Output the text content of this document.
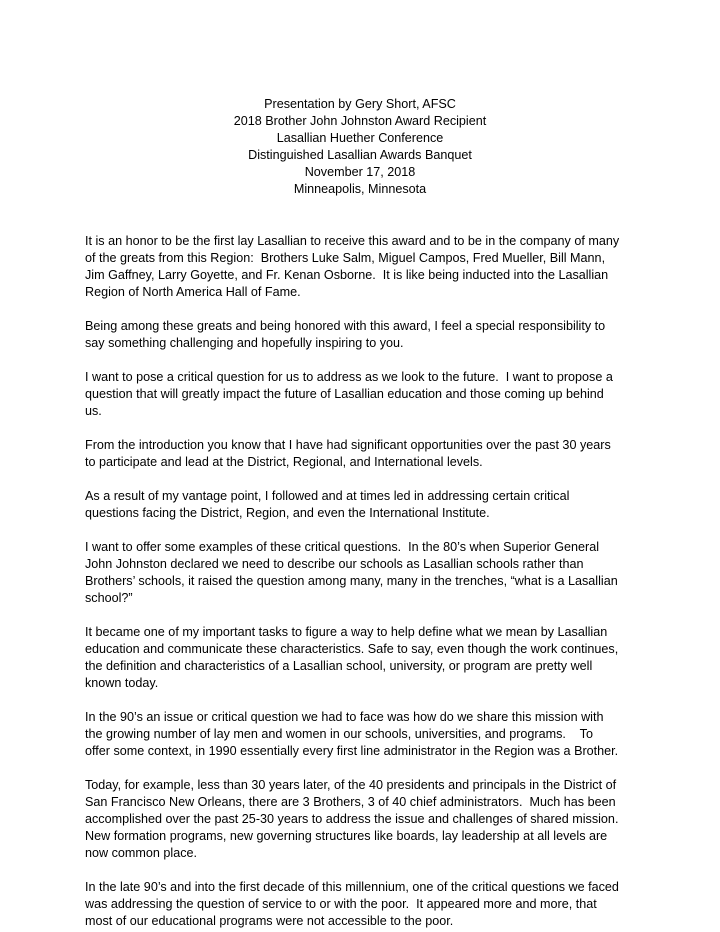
Presentation by Gery Short, AFSC
2018 Brother John Johnston Award Recipient
Lasallian Huether Conference
Distinguished Lasallian Awards Banquet
November 17, 2018
Minneapolis, Minnesota

It is an honor to be the first lay Lasallian to receive this award and to be in the company of many
of the greats from this Region:  Brothers Luke Salm, Miguel Campos, Fred Mueller, Bill Mann,
Jim Gaffney, Larry Goyette, and Fr. Kenan Osborne.  It is like being inducted into the Lasallian
Region of North America Hall of Fame.

Being among these greats and being honored with this award, I feel a special responsibility to
say something challenging and hopefully inspiring to you.

I want to pose a critical question for us to address as we look to the future.  I want to propose a
question that will greatly impact the future of Lasallian education and those coming up behind
us.

From the introduction you know that I have had significant opportunities over the past 30 years
to participate and lead at the District, Regional, and International levels.

As a result of my vantage point, I followed and at times led in addressing certain critical
questions facing the District, Region, and even the International Institute.

I want to offer some examples of these critical questions.  In the 80’s when Superior General
John Johnston declared we need to describe our schools as Lasallian schools rather than
Brothers’ schools, it raised the question among many, many in the trenches, “what is a Lasallian
school?”

It became one of my important tasks to figure a way to help define what we mean by Lasallian
education and communicate these characteristics. Safe to say, even though the work continues,
the definition and characteristics of a Lasallian school, university, or program are pretty well
known today.

In the 90’s an issue or critical question we had to face was how do we share this mission with
the growing number of lay men and women in our schools, universities, and programs.    To
offer some context, in 1990 essentially every first line administrator in the Region was a Brother.

Today, for example, less than 30 years later, of the 40 presidents and principals in the District of
San Francisco New Orleans, there are 3 Brothers, 3 of 40 chief administrators.  Much has been
accomplished over the past 25-30 years to address the issue and challenges of shared mission.
New formation programs, new governing structures like boards, lay leadership at all levels are
now common place.

In the late 90’s and into the first decade of this millennium, one of the critical questions we faced
was addressing the question of service to or with the poor.  It appeared more and more, that
most of our educational programs were not accessible to the poor.
